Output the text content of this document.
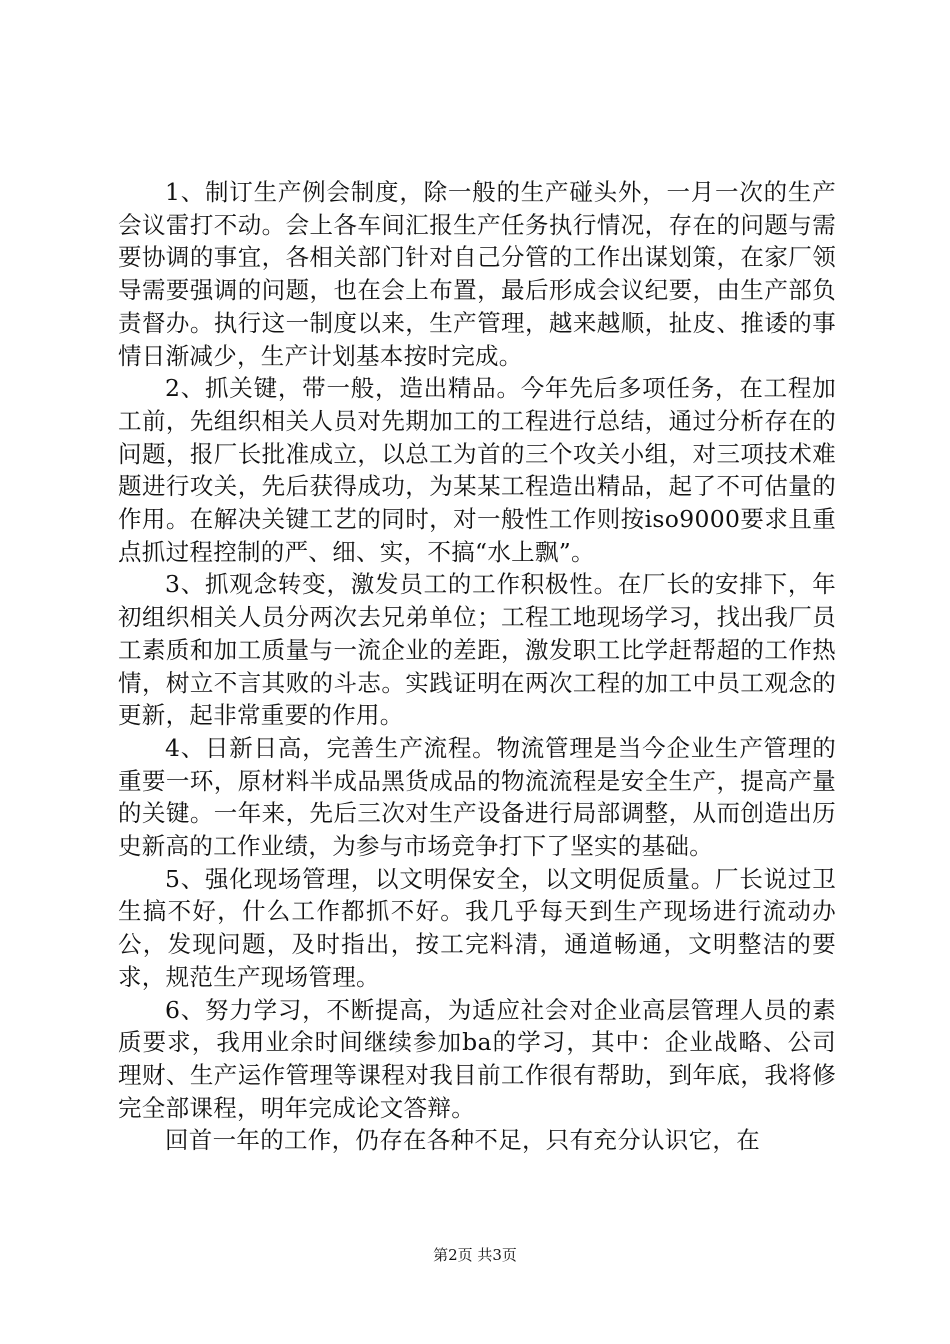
1、制订生产例会制度，除一般的生产碰头外，一月一次的生产会议雷打不动。会上各车间汇报生产任务执行情况，存在的问题与需要协调的事宜，各相关部门针对自己分管的工作出谋划策，在家厂领导需要强调的问题，也在会上布置，最后形成会议纪要，由生产部负责督办。执行这一制度以来，生产管理，越来越顺，扯皮、推诿的事情日渐减少，生产计划基本按时完成。

2、抓关键，带一般，造出精品。今年先后多项任务，在工程加工前，先组织相关人员对先期加工的工程进行总结，通过分析存在的问题，报厂长批准成立，以总工为首的三个攻关小组，对三项技术难题进行攻关，先后获得成功，为某某工程造出精品，起了不可估量的作用。在解决关键工艺的同时，对一般性工作则按iso9000要求且重点抓过程控制的严、细、实，不搞“水上飘”。

3、抓观念转变，激发员工的工作积极性。在厂长的安排下，年初组织相关人员分两次去兄弟单位；工程工地现场学习，找出我厂员工素质和加工质量与一流企业的差距，激发职工比学赶帮超的工作热情，树立不言其败的斗志。实践证明在两次工程的加工中员工观念的更新，起非常重要的作用。

4、日新日高，完善生产流程。物流管理是当今企业生产管理的重要一环，原材料半成品黑货成品的物流流程是安全生产，提高产量的关键。一年来，先后三次对生产设备进行局部调整，从而创造出历史新高的工作业绩，为参与市场竞争打下了坚实的基础。

5、强化现场管理，以文明保安全，以文明促质量。厂长说过卫生搞不好，什么工作都抓不好。我几乎每天到生产现场进行流动办公，发现问题，及时指出，按工完料清，通道畅通，文明整洁的要求，规范生产现场管理。

6、努力学习，不断提高，为适应社会对企业高层管理人员的素质要求，我用业余时间继续参加ba的学习，其中：企业战略、公司理财、生产运作管理等课程对我目前工作很有帮助，到年底，我将修完全部课程，明年完成论文答辩。

回首一年的工作，仍存在各种不足，只有充分认识它，在

第2页 共3页
